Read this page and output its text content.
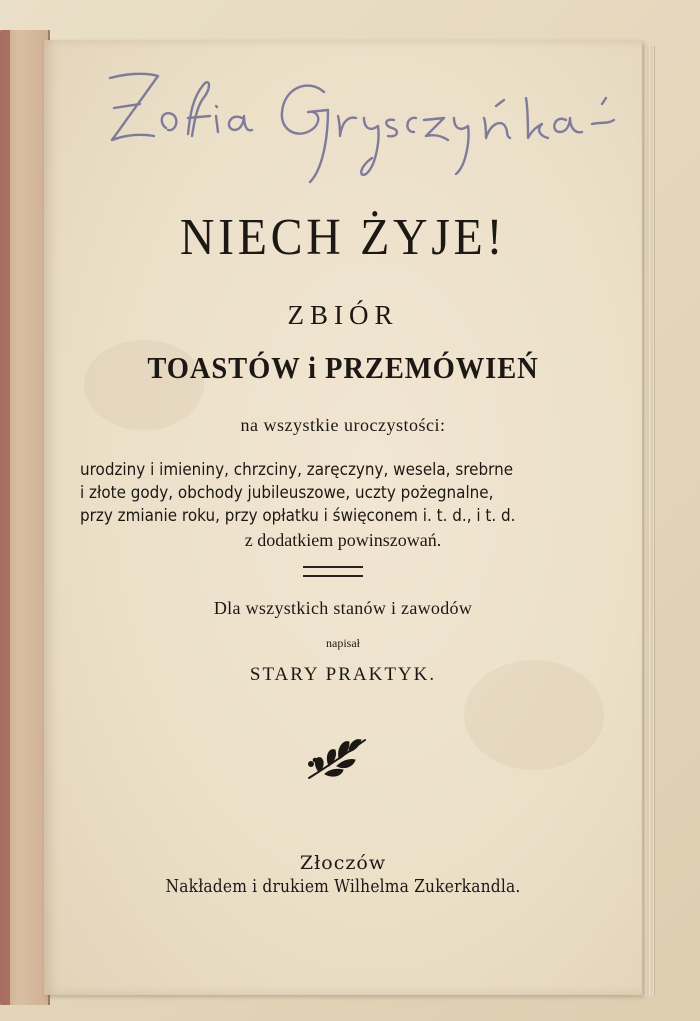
NIECH ŻYJE!
ZBIÓR
TOASTÓW i PRZEMÓWIEŃ
na wszystkie uroczystości:
urodziny i imieniny, chrzciny, zaręczyny, wesela, srebrne
i złote gody, obchody jubileuszowe, uczty pożegnalne,
przy zmianie roku, przy opłatku i święconem i. t. d., i t. d.
z dodatkiem powinszowań.
Dla wszystkich stanów i zawodów
napisał
STARY PRAKTYK.
Złoczów
Nakładem i drukiem Wilhelma Zukerkandla.
